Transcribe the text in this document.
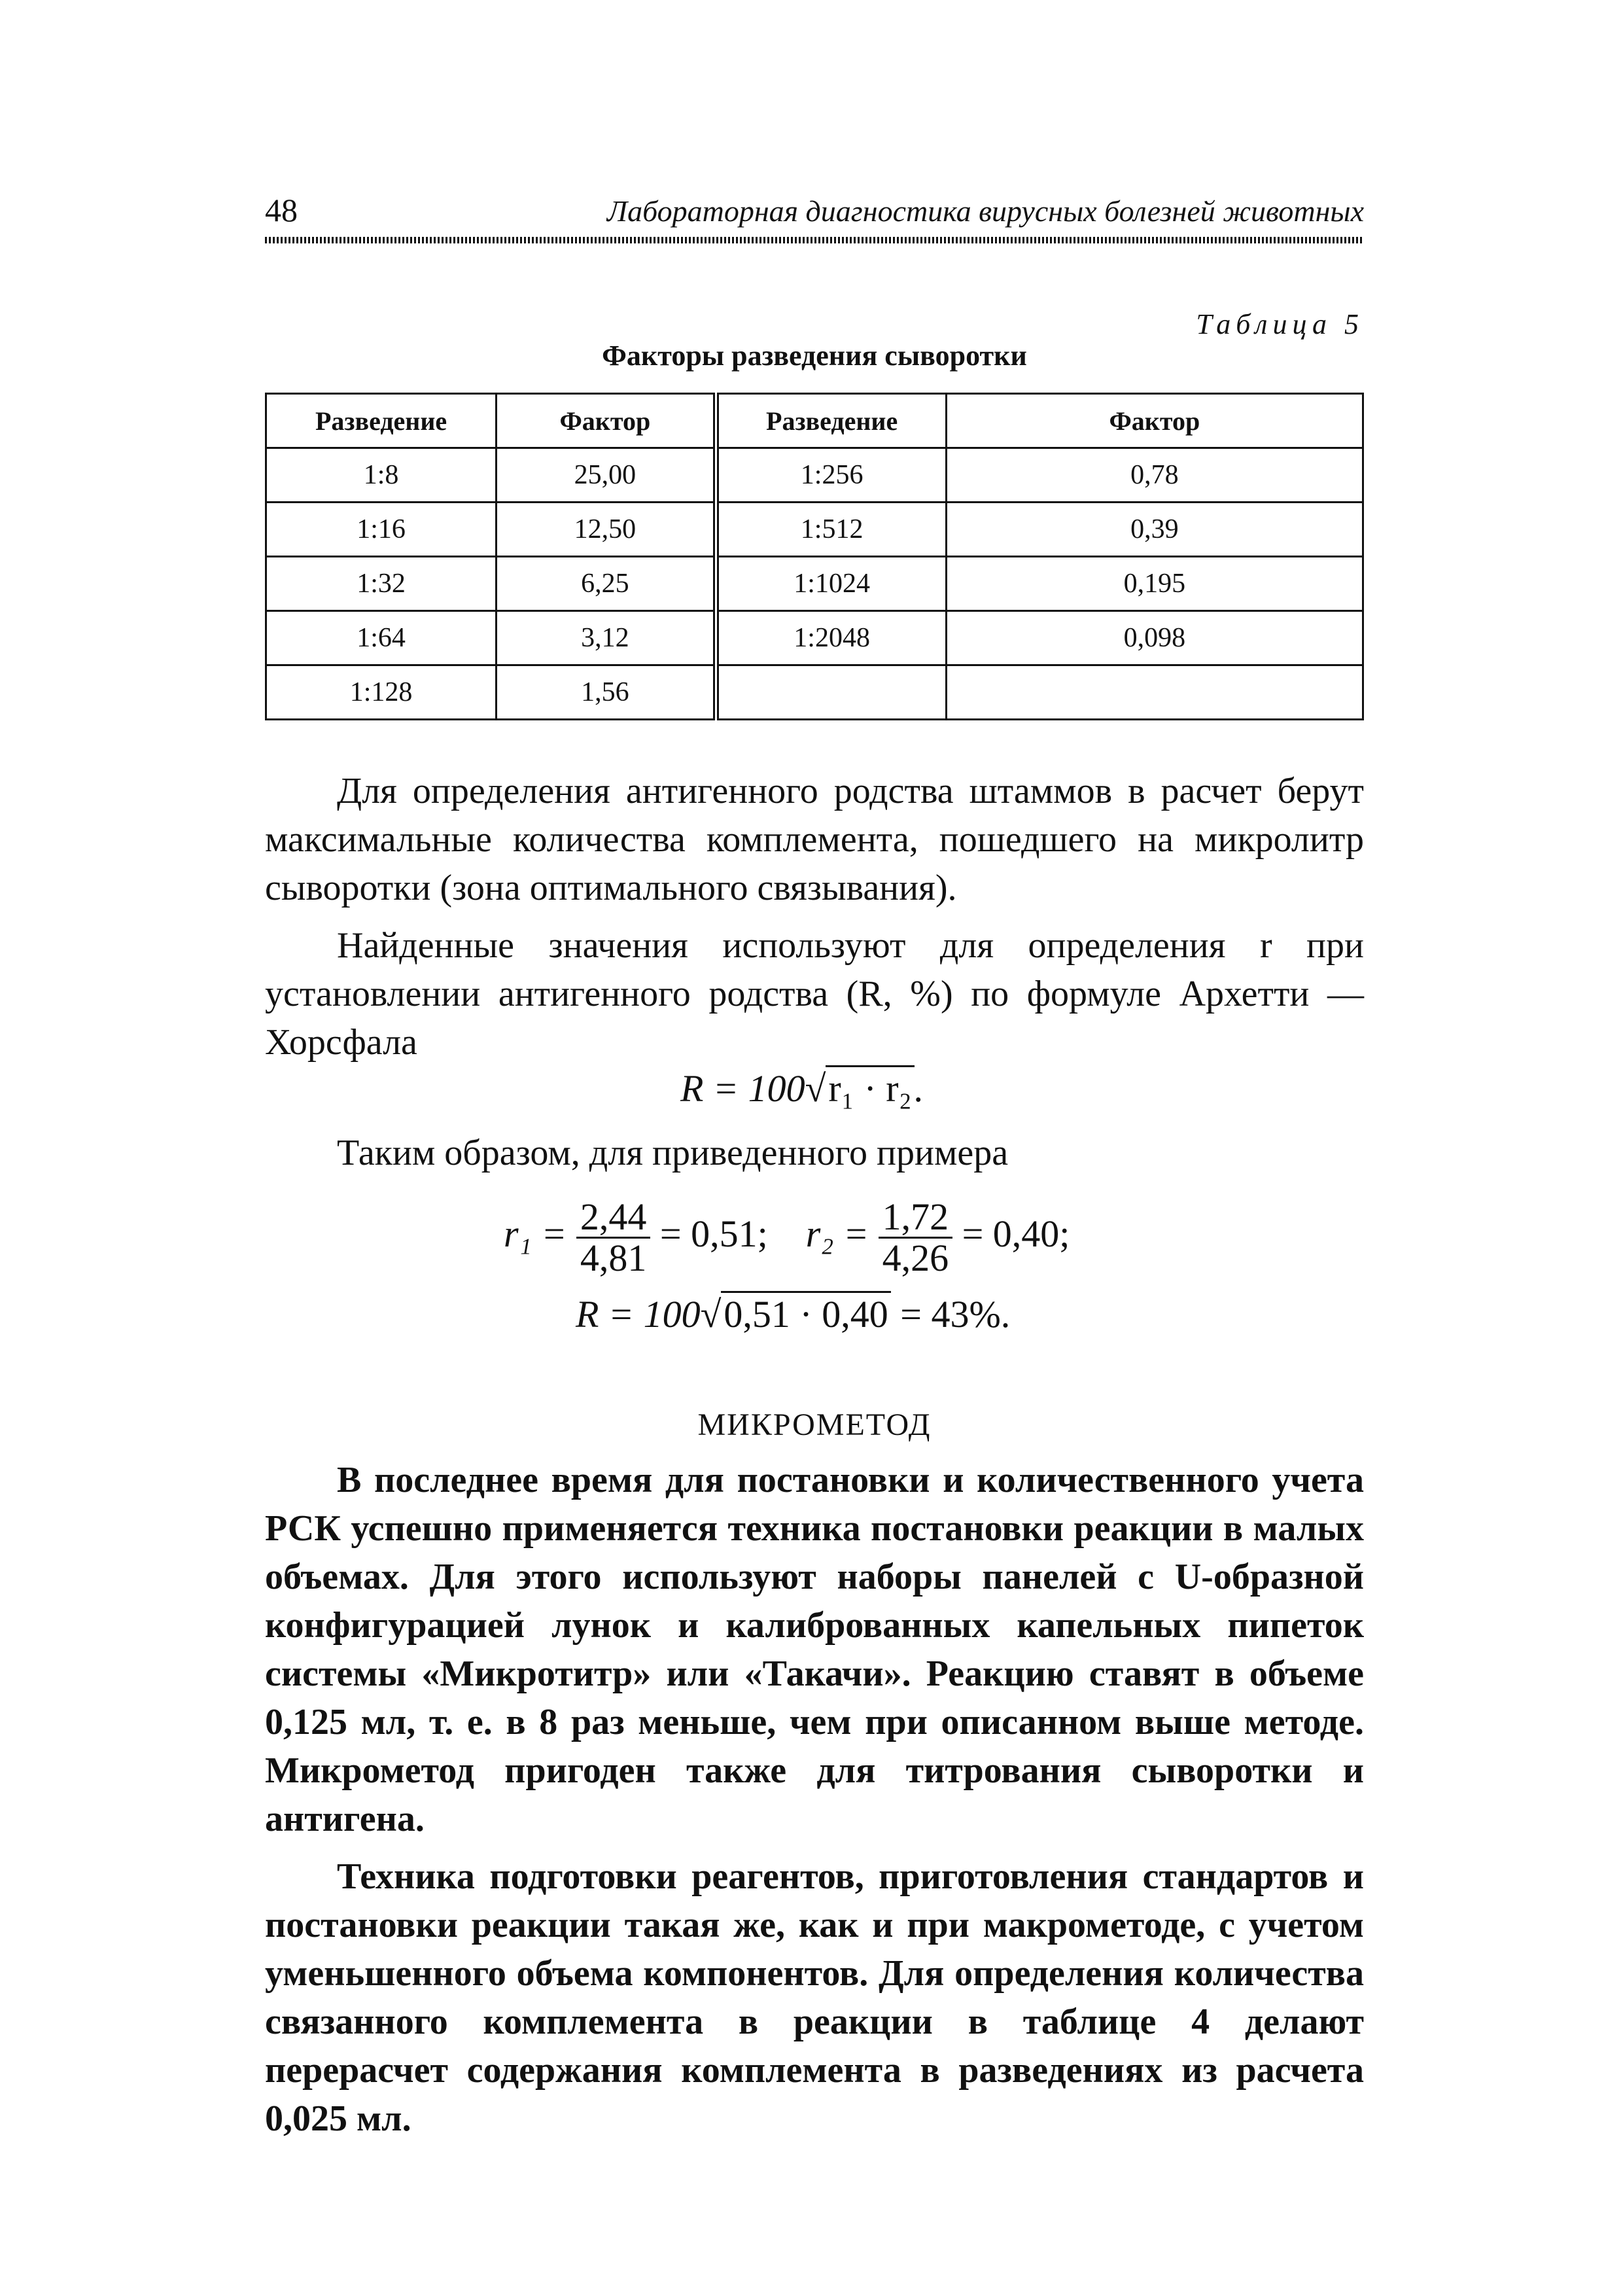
48	Лабораторная диагностика вирусных болезней животных
Таблица 5
Факторы разведения сыворотки
Разведение	Фактор	Разведение	Фактор
1:8	25,00	1:256	0,78
1:16	12,50	1:512	0,39
1:32	6,25	1:1024	0,195
1:64	3,12	1:2048	0,098
1:128	1,56		

Для определения антигенного родства штаммов в расчет берут максимальные количества комплемента, пошедшего на микролитр сыворотки (зона оптимального связывания).

Найденные значения используют для определения r при установлении антигенного родства (R, %) по формуле Архетти — Хорсфала

R = 100√r₁ · r₂.
Таким образом, для приведенного примера
$r_1 = \frac{2,44}{4,81} = 0,51$; $r_2 = \frac{1,72}{4,26} = 0,40$;
R = 100√0,51 · 0,40 = 43%.
МИКРОМЕТОД

В последнее время для постановки и количественного учета РСК успешно применяется техника постановки реакции в малых объемах. Для этого используют наборы панелей с U-образной конфигурацией лунок и калиброванных капельных пипеток системы «Микротитр» или «Такачи». Реакцию ставят в объеме 0,125 мл, т. е. в 8 раз меньше, чем при описанном выше методе. Микрометод пригоден также для титрования сыворотки и антигена.

Техника подготовки реагентов, приготовления стандартов и постановки реакции такая же, как и при макрометоде, с учетом уменьшенного объема компонентов. Для определения количества связанного комплемента в реакции в таблице 4 делают перерасчет содержания комплемента в разведениях из расчета 0,025 мл.
